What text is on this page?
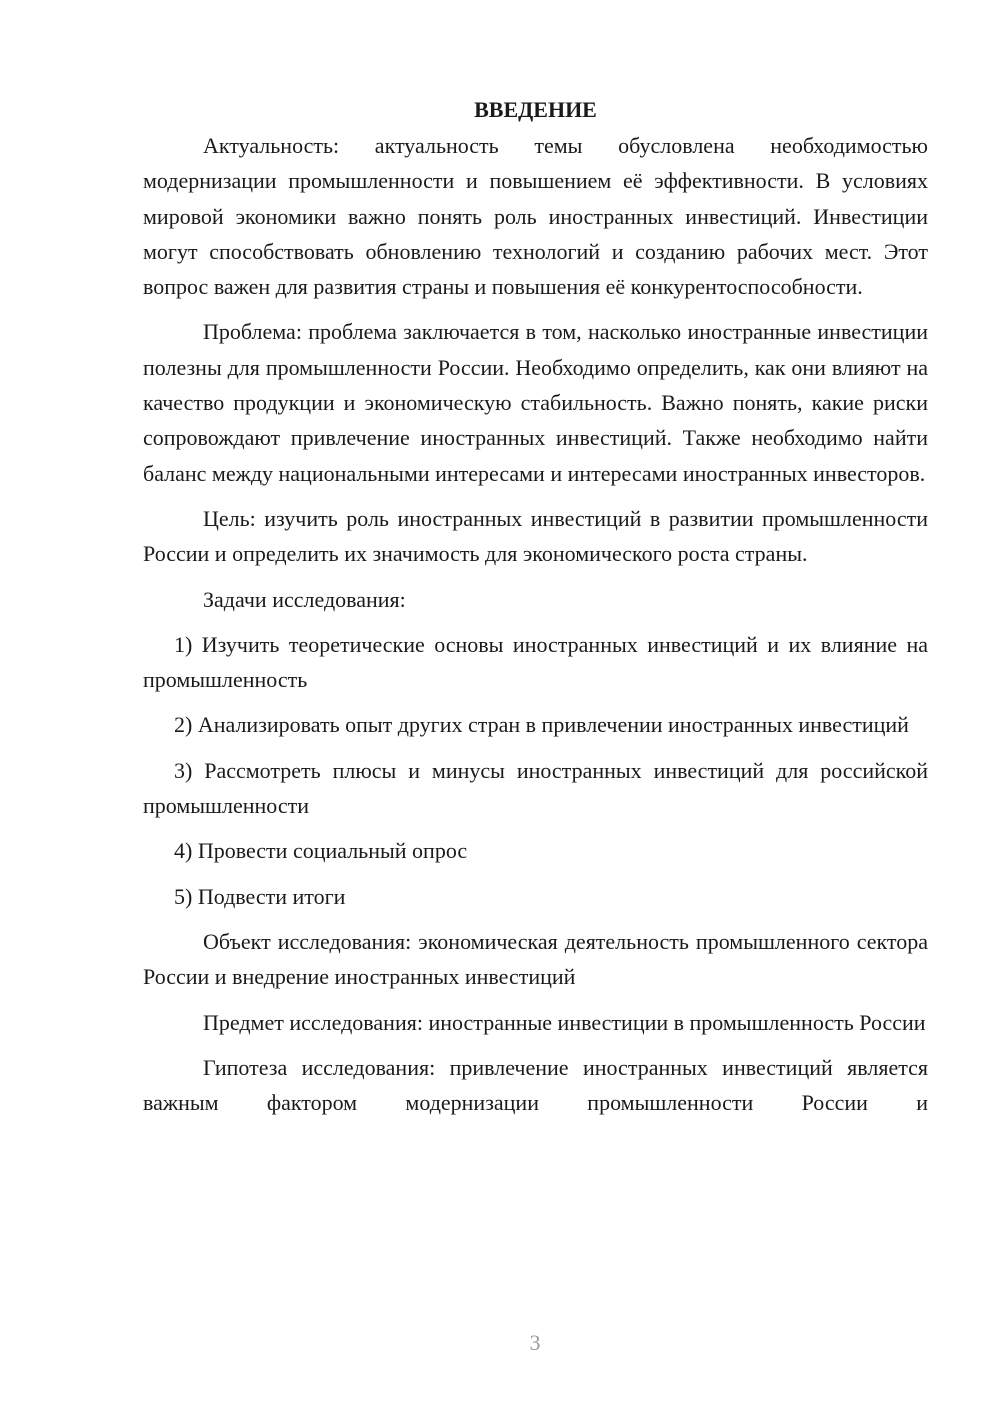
ВВЕДЕНИЕ

Актуальность: актуальность темы обусловлена необходимостью модернизации промышленности и повышением её эффективности. В условиях мировой экономики важно понять роль иностранных инвестиций. Инвестиции могут способствовать обновлению технологий и созданию рабочих мест. Этот вопрос важен для развития страны и повышения её конкурентоспособности.

Проблема: проблема заключается в том, насколько иностранные инвестиции полезны для промышленности России. Необходимо определить, как они влияют на качество продукции и экономическую стабильность. Важно понять, какие риски сопровождают привлечение иностранных инвестиций. Также необходимо найти баланс между национальными интересами и интересами иностранных инвесторов.

Цель: изучить роль иностранных инвестиций в развитии промышленности России и определить их значимость для экономического роста страны.

Задачи исследования:

1) Изучить теоретические основы иностранных инвестиций и их влияние на промышленность

2) Анализировать опыт других стран в привлечении иностранных инвестиций

3) Рассмотреть плюсы и минусы иностранных инвестиций для российской промышленности

4) Провести социальный опрос

5) Подвести итоги

Объект исследования: экономическая деятельность промышленного сектора России и внедрение иностранных инвестиций

Предмет исследования: иностранные инвестиции в промышленность России

Гипотеза исследования: привлечение иностранных инвестиций является важным фактором модернизации промышленности России и

3
